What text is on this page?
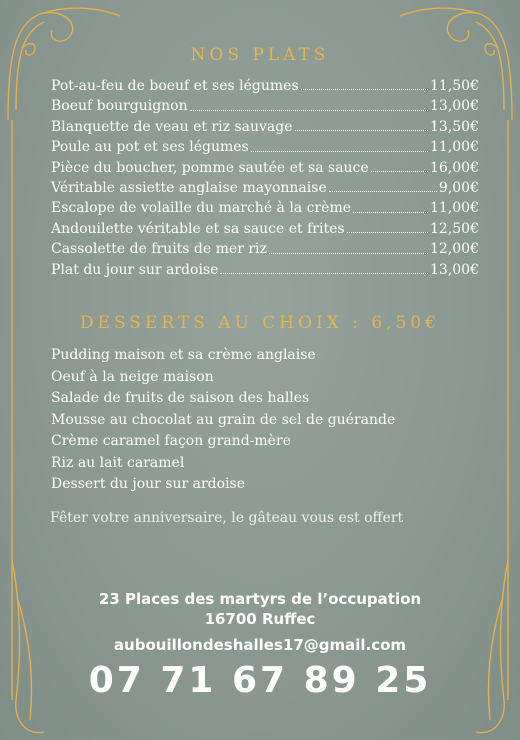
NOS PLATS
Pot-au-feu de boeuf et ses légumes	11,50€
Boeuf bourguignon	13,00€
Blanquette de veau et riz sauvage	13,50€
Poule au pot et ses légumes	11,00€
Pièce du boucher, pomme sautée et sa sauce	16,00€
Véritable assiette anglaise mayonnaise	9,00€
Escalope de volaille du marché à la crème	11,00€
Andouilette véritable et sa sauce et frites	12,50€
Cassolette de fruits de mer riz	12,00€
Plat du jour sur ardoise	13,00€
DESSERTS AU CHOIX : 6,50€
Pudding maison et sa crème anglaise
Oeuf à la neige maison
Salade de fruits de saison des halles
Mousse au chocolat au grain de sel de guérande
Crème caramel façon grand-mère
Riz au lait caramel
Dessert du jour sur ardoise
Fêter votre anniversaire, le gâteau vous est offert
23 Places des martyrs de l’occupation
16700 Ruffec
aubouillondeshalles17@gmail.com
07 71 67 89 25
